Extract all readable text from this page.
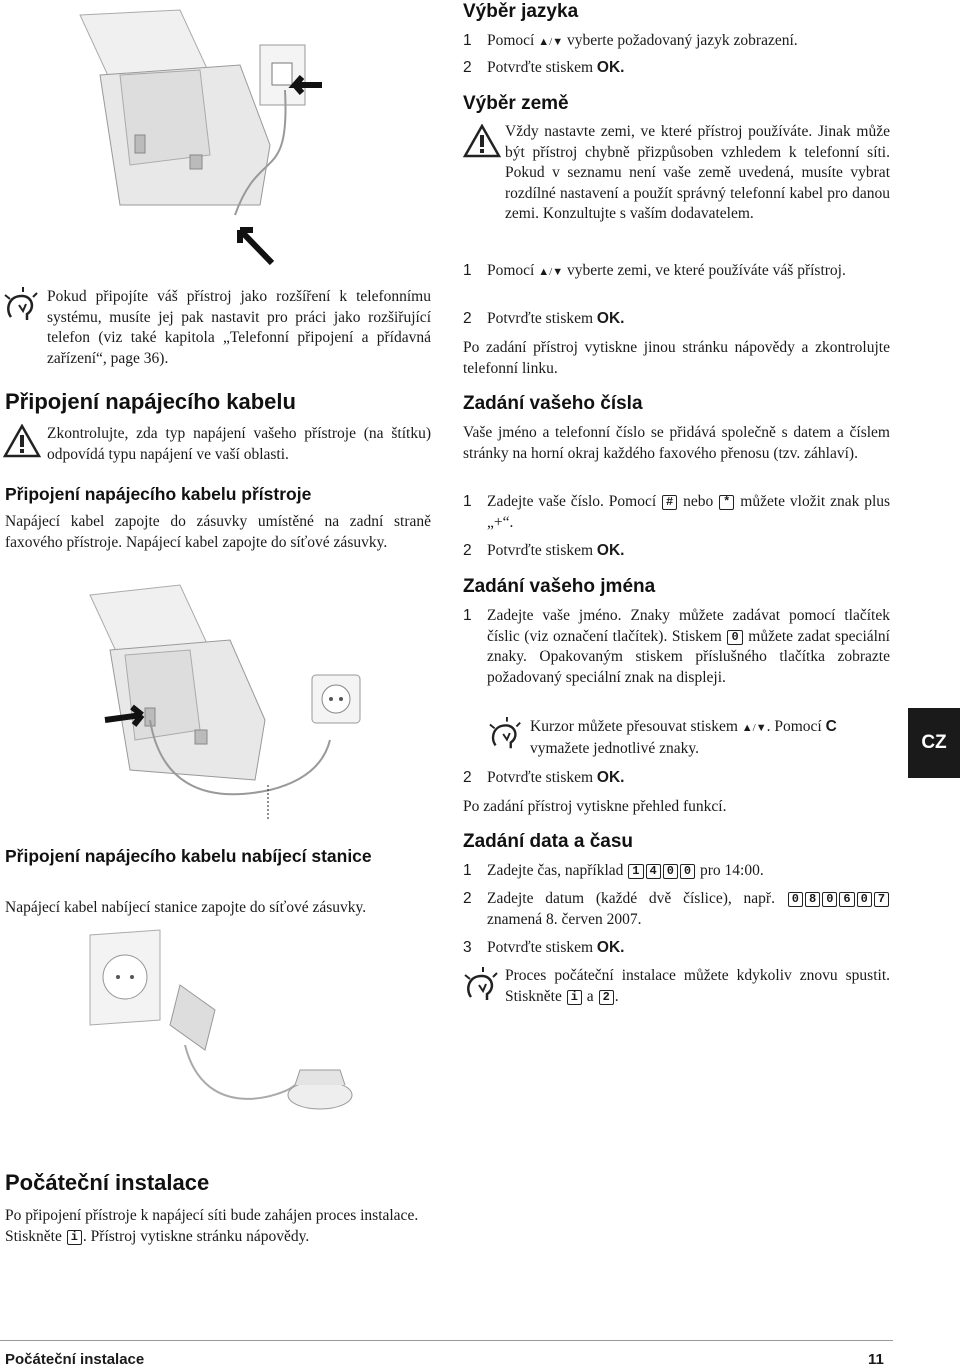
Pokud připojíte váš přístroj jako rozšíření k telefonnímu systému, musíte jej pak nastavit pro práci jako rozšiřující telefon (viz také kapitola „Telefonní připojení a přídavná zařízení“, page 36).
Připojení napájecího kabelu
Zkontrolujte, zda typ napájení vašeho přístroje (na štítku) odpovídá typu napájení ve vaší oblasti.
Připojení napájecího kabelu přístroje
Napájecí kabel zapojte do zásuvky umístěné na zadní straně faxového přístroje. Napájecí kabel zapojte do síťové zásuvky.
Připojení napájecího kabelu nabíjecí stanice
Napájecí kabel nabíjecí stanice zapojte do síťové zásuvky.
Počáteční instalace
Po připojení přístroje k napájecí síti bude zahájen proces instalace. Stiskněte i . Přístroj vytiskne stránku nápovědy.
Výběr jazyka
1 Pomocí ▲/▼ vyberte požadovaný jazyk zobrazení.
2 Potvrďte stiskem OK.
Výběr země
Vždy nastavte zemi, ve které přístroj používáte. Jinak může být přístroj chybně přizpůsoben vzhledem k telefonní síti. Pokud v seznamu není vaše země uvedená, musíte vybrat rozdílné nastavení a použít správný telefonní kabel pro danou zemi. Konzultujte s vaším dodavatelem.
1 Pomocí ▲/▼ vyberte zemi, ve které používáte váš přístroj.
2 Potvrďte stiskem OK.
Po zadání přístroj vytiskne jinou stránku nápovědy a zkontrolujte telefonní linku.
Zadání vašeho čísla
Vaše jméno a telefonní číslo se přidává společně s datem a číslem stránky na horní okraj každého faxového přenosu (tzv. záhlaví).
1 Zadejte vaše číslo. Pomocí # nebo * můžete vložit znak plus „+“.
2 Potvrďte stiskem OK.
Zadání vašeho jména
1 Zadejte vaše jméno. Znaky můžete zadávat pomocí tlačítek číslic (viz označení tlačítek). Stiskem 0 můžete zadat speciální znaky. Opakovaným stiskem příslušného tlačítka zobrazte požadovaný speciální znak na displeji.
Kurzor můžete přesouvat stiskem ▲/▼. Pomocí C vymažete jednotlivé znaky.
2 Potvrďte stiskem OK.
Po zadání přístroj vytiskne přehled funkcí.
Zadání data a času
1 Zadejte čas, například 1 4 0 0 pro 14:00.
2 Zadejte datum (každé dvě číslice), např. 0 8 0 6 0 7 znamená 8. červen 2007.
3 Potvrďte stiskem OK.
Proces počáteční instalace můžete kdykoliv znovu spustit. Stiskněte i a 2 .
CZ
Počáteční instalace	11
